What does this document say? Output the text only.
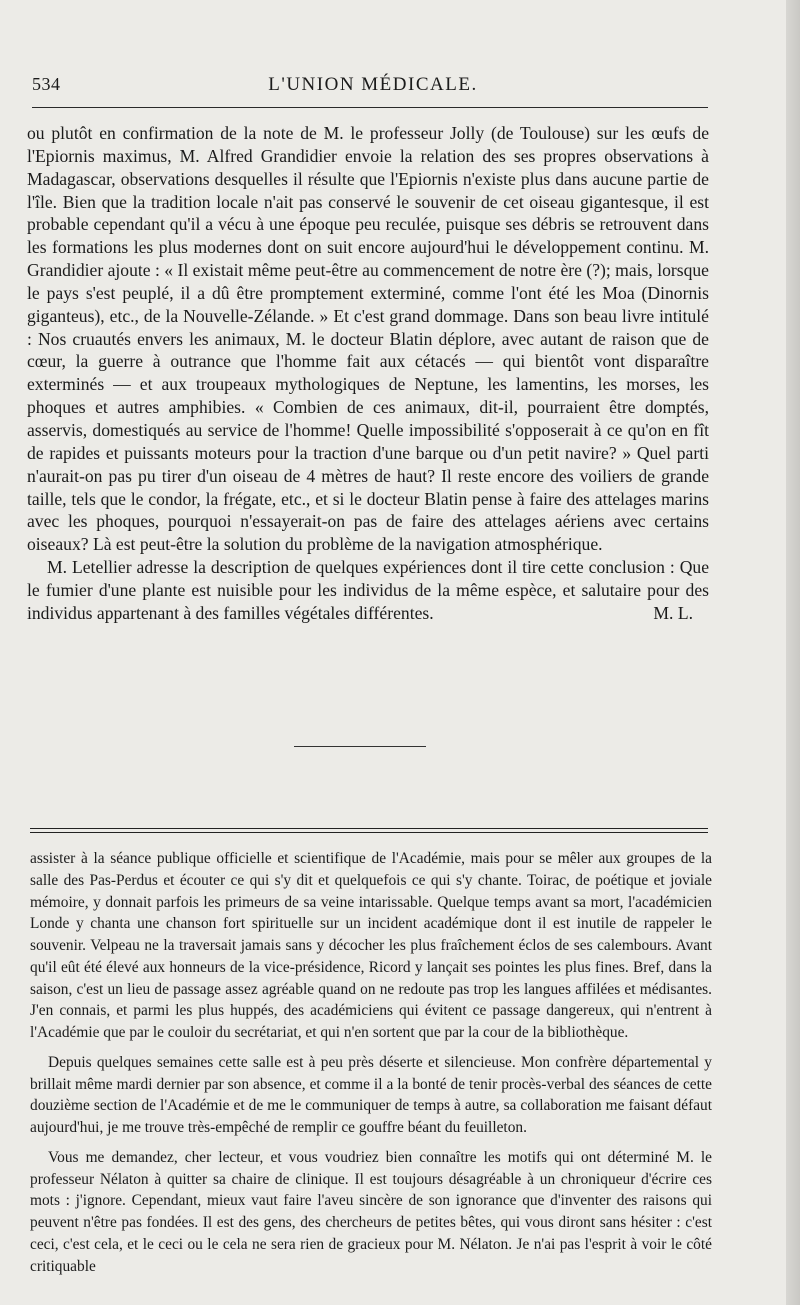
534	L'UNION MÉDICALE.

ou plutôt en confirmation de la note de M. le professeur Jolly (de Toulouse) sur les œufs de l'Epiornis maximus, M. Alfred Grandidier envoie la relation des ses propres observations à Madagascar, observations desquelles il résulte que l'Epiornis n'existe plus dans aucune partie de l'île. Bien que la tradition locale n'ait pas conservé le souvenir de cet oiseau gigantesque, il est probable cependant qu'il a vécu à une époque peu reculée, puisque ses débris se retrouvent dans les formations les plus modernes dont on suit encore aujourd'hui le développement continu. M. Grandidier ajoute : « Il existait même peut-être au commencement de notre ère (?); mais, lorsque le pays s'est peuplé, il a dû être promptement exterminé, comme l'ont été les Moa (Dinornis giganteus), etc., de la Nouvelle-Zélande. » Et c'est grand dommage. Dans son beau livre intitulé : Nos cruautés envers les animaux, M. le docteur Blatin déplore, avec autant de raison que de cœur, la guerre à outrance que l'homme fait aux cétacés — qui bientôt vont disparaître exterminés — et aux troupeaux mythologiques de Neptune, les lamentins, les morses, les phoques et autres amphibies. « Combien de ces animaux, dit-il, pourraient être domptés, asservis, domestiqués au service de l'homme! Quelle impossibilité s'opposerait à ce qu'on en fît de rapides et puissants moteurs pour la traction d'une barque ou d'un petit navire? » Quel parti n'aurait-on pas pu tirer d'un oiseau de 4 mètres de haut? Il reste encore des voiliers de grande taille, tels que le condor, la frégate, etc., et si le docteur Blatin pense à faire des attelages marins avec les phoques, pourquoi n'essayerait-on pas de faire des attelages aériens avec certains oiseaux? Là est peut-être la solution du problème de la navigation atmosphérique.

M. Letellier adresse la description de quelques expériences dont il tire cette conclusion : Que le fumier d'une plante est nuisible pour les individus de la même espèce, et salutaire pour des individus appartenant à des familles végétales différentes.	M. L.

assister à la séance publique officielle et scientifique de l'Académie, mais pour se mêler aux groupes de la salle des Pas-Perdus et écouter ce qui s'y dit et quelquefois ce qui s'y chante. Toirac, de poétique et joviale mémoire, y donnait parfois les primeurs de sa veine intarissable. Quelque temps avant sa mort, l'académicien Londe y chanta une chanson fort spirituelle sur un incident académique dont il est inutile de rappeler le souvenir. Velpeau ne la traversait jamais sans y décocher les plus fraîchement éclos de ses calembours. Avant qu'il eût été élevé aux honneurs de la vice-présidence, Ricord y lançait ses pointes les plus fines. Bref, dans la saison, c'est un lieu de passage assez agréable quand on ne redoute pas trop les langues affilées et médisantes. J'en connais, et parmi les plus huppés, des académiciens qui évitent ce passage dangereux, qui n'entrent à l'Académie que par le couloir du secrétariat, et qui n'en sortent que par la cour de la bibliothèque.

Depuis quelques semaines cette salle est à peu près déserte et silencieuse. Mon confrère départemental y brillait même mardi dernier par son absence, et comme il a la bonté de tenir procès-verbal des séances de cette douzième section de l'Académie et de me le communiquer de temps à autre, sa collaboration me faisant défaut aujourd'hui, je me trouve très-empêché de remplir ce gouffre béant du feuilleton.

Vous me demandez, cher lecteur, et vous voudriez bien connaître les motifs qui ont déterminé M. le professeur Nélaton à quitter sa chaire de clinique. Il est toujours désagréable à un chroniqueur d'écrire ces mots : j'ignore. Cependant, mieux vaut faire l'aveu sincère de son ignorance que d'inventer des raisons qui peuvent n'être pas fondées. Il est des gens, des chercheurs de petites bêtes, qui vous diront sans hésiter : c'est ceci, c'est cela, et le ceci ou le cela ne sera rien de gracieux pour M. Nélaton. Je n'ai pas l'esprit à voir le côté critiquable
